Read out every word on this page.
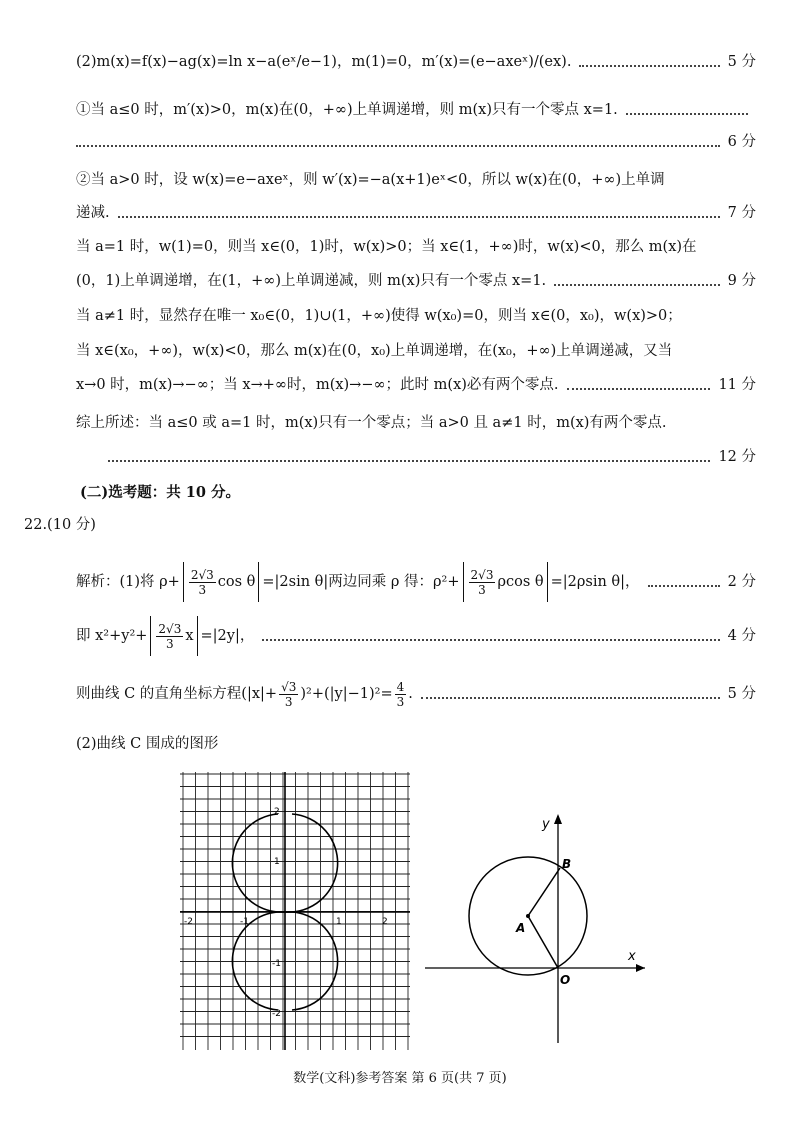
(2)m(x)=f(x)−ag(x)=ln x−a(eˣ/e−1)，m(1)=0，m′(x)=(e−axeˣ)/(ex).	5 分
①当 a≤0 时，m′(x)>0，m(x)在(0，+∞)上单调递增，则 m(x)只有一个零点 x=1.
6 分
②当 a>0 时，设 w(x)=e−axeˣ，则 w′(x)=−a(x+1)eˣ<0，所以 w(x)在(0，+∞)上单调
递减.	7 分
当 a=1 时，w(1)=0，则当 x∈(0，1)时，w(x)>0；当 x∈(1，+∞)时，w(x)<0，那么 m(x)在
(0，1)上单调递增，在(1，+∞)上单调递减，则 m(x)只有一个零点 x=1.	9 分
当 a≠1 时，显然存在唯一 x₀∈(0，1)∪(1，+∞)使得 w(x₀)=0，则当 x∈(0，x₀)，w(x)>0；
当 x∈(x₀，+∞)，w(x)<0，那么 m(x)在(0，x₀)上单调递增，在(x₀，+∞)上单调递减，又当
x→0 时，m(x)→−∞；当 x→+∞时，m(x)→−∞；此时 m(x)必有两个零点.	11 分
综上所述：当 a≤0 或 a=1 时，m(x)只有一个零点；当 a>0 且 a≠1 时，m(x)有两个零点.
12 分
(二)选考题：共 10 分。
22.(10 分)
解析：(1)将 $\rho+ \frac{2√3}{3}$ cos θ =|2sin θ|两边同乘 ρ 得：$\rho^2+ \frac{2√3}{3}$ ρcos θ =|2ρsin θ|，	2 分
即 $x^2+y^2+ \frac{2√3}{3}$ x =|2y|，	4 分
则曲线 C 的直角坐标方程$(|x|+ \frac{√3}{3} )^2+(|y|-1)^2= \frac{4}{3}$ .	5 分
(2)曲线 C 围成的图形
-2	-1	1	2
2
1
-1
-2
x
y
A
B
O
数学(文科)参考答案 第 6 页(共 7 页)
